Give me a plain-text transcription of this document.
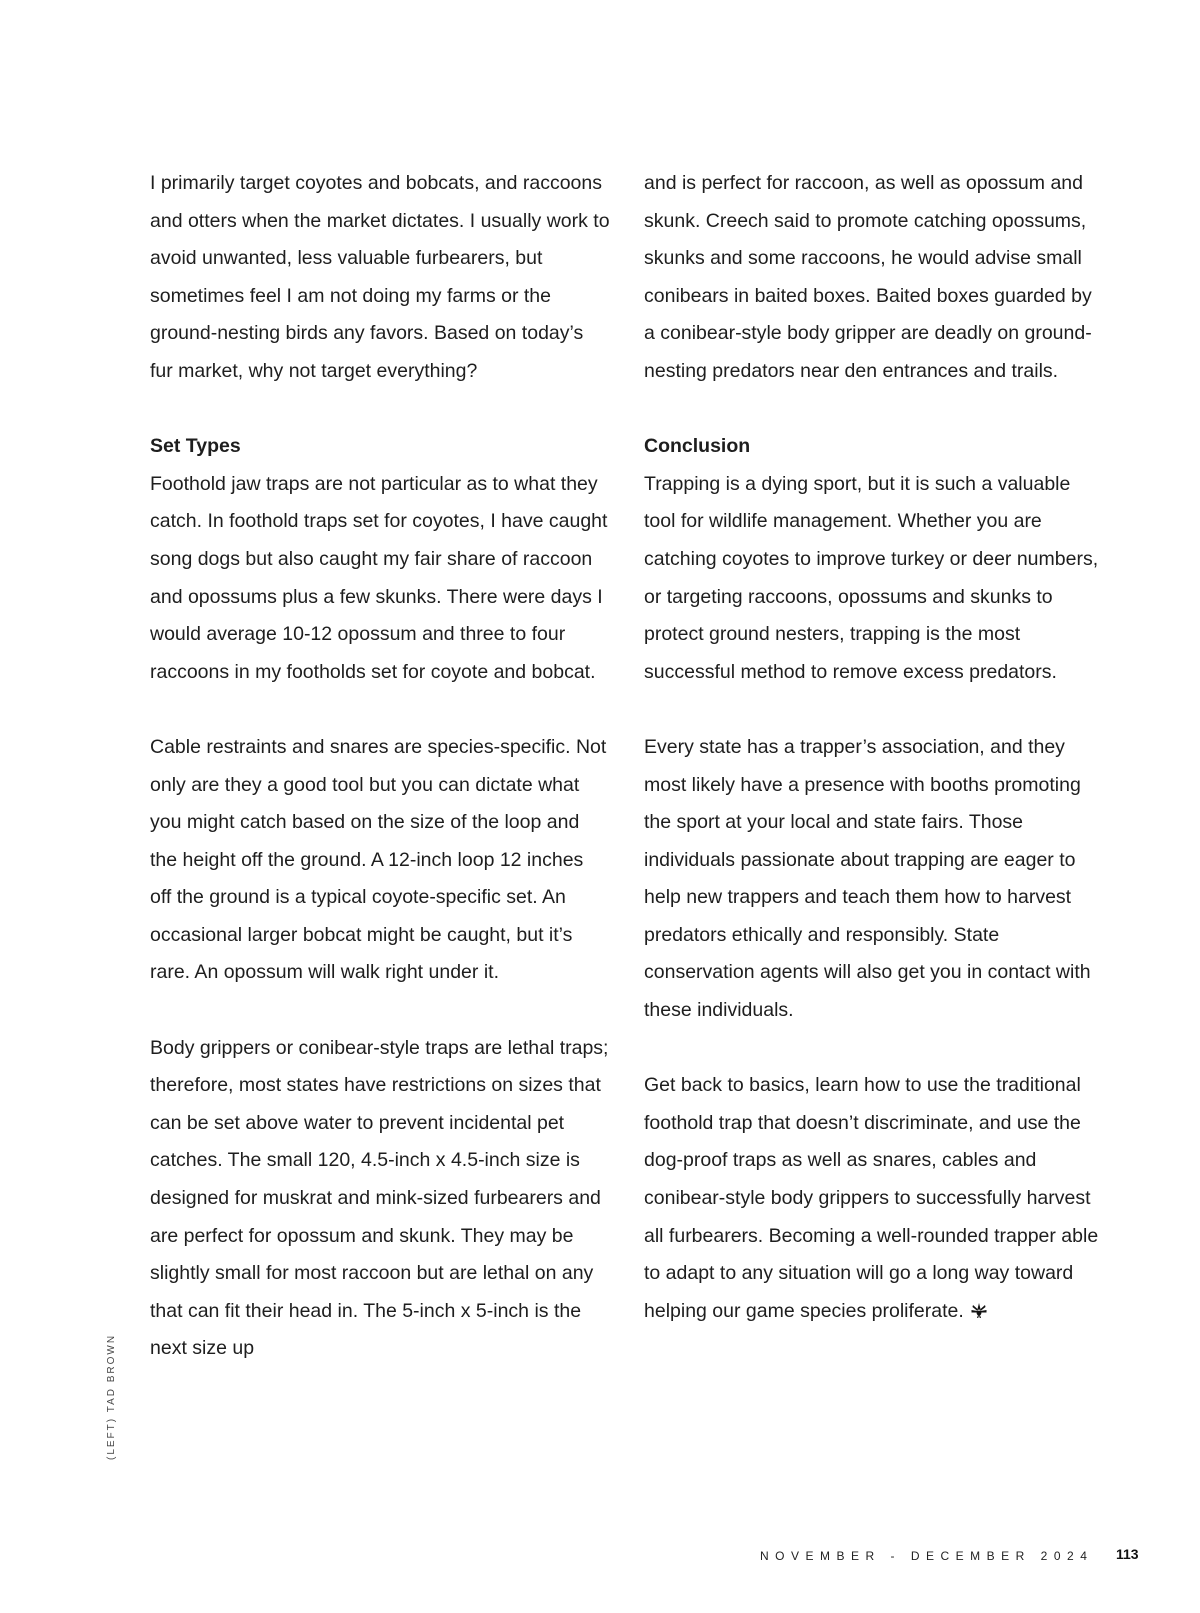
I primarily target coyotes and bobcats, and raccoons and otters when the market dictates. I usually work to avoid unwanted, less valuable furbearers, but sometimes feel I am not doing my farms or the ground-nesting birds any favors. Based on today’s fur market, why not target everything?

Set Types

Foothold jaw traps are not particular as to what they catch. In foothold traps set for coyotes, I have caught song dogs but also caught my fair share of raccoon and opossums plus a few skunks. There were days I would average 10-12 opossum and three to four raccoons in my footholds set for coyote and bobcat.

Cable restraints and snares are species-specific. Not only are they a good tool but you can dictate what you might catch based on the size of the loop and the height off the ground. A 12-inch loop 12 inches off the ground is a typical coyote-specific set. An occasional larger bobcat might be caught, but it’s rare. An opossum will walk right under it.

Body grippers or conibear-style traps are lethal traps; therefore, most states have restrictions on sizes that can be set above water to prevent incidental pet catches. The small 120, 4.5-inch x 4.5-inch size is designed for muskrat and mink-sized furbearers and are perfect for opossum and skunk. They may be slightly small for most raccoon but are lethal on any that can fit their head in. The 5-inch x 5-inch is the next size up

and is perfect for raccoon, as well as opossum and skunk. Creech said to promote catching opossums, skunks and some raccoons, he would advise small conibears in baited boxes. Baited boxes guarded by a conibear-style body gripper are deadly on ground-nesting predators near den entrances and trails.

Conclusion

Trapping is a dying sport, but it is such a valuable tool for wildlife management. Whether you are catching coyotes to improve turkey or deer numbers, or targeting raccoons, opossums and skunks to protect ground nesters, trapping is the most successful method to remove excess predators.

Every state has a trapper’s association, and they most likely have a presence with booths promoting the sport at your local and state fairs. Those individuals passionate about trapping are eager to help new trappers and teach them how to harvest predators ethically and responsibly. State conservation agents will also get you in contact with these individuals.

Get back to basics, learn how to use the traditional foothold trap that doesn’t discriminate, and use the dog-proof traps as well as snares, cables and conibear-style body grippers to successfully harvest all furbearers. Becoming a well-rounded trapper able to adapt to any situation will go a long way toward helping our game species proliferate.

(LEFT) TAD BROWN
NOVEMBER - DECEMBER 2024 113
